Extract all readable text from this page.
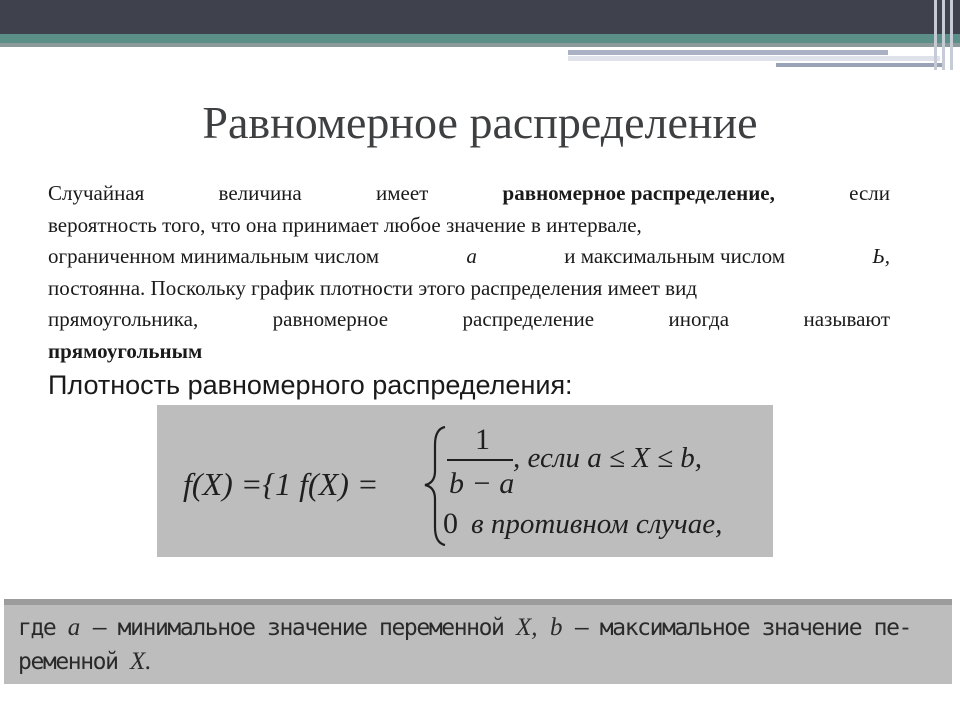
Равномерное распределение
Случайная	величина	имеет	равномерное распределение,	если
вероятность того, что она принимает любое значение в интервале,
ограниченном минимальным числом	а	и максимальным числом	Ь,
постоянна. Поскольку график плотности этого распределения имеет вид
прямоугольника,	равномерное	распределение	иногда	называют
прямоугольным
Плотность равномерного распределения:
f(X) ={1 f(X) =
1
b − a
, если a ≤ X ≤ b,
0 в противном случае,
где a — минимальное значение переменной X, b — максимальное значение пе-
ременной X.
